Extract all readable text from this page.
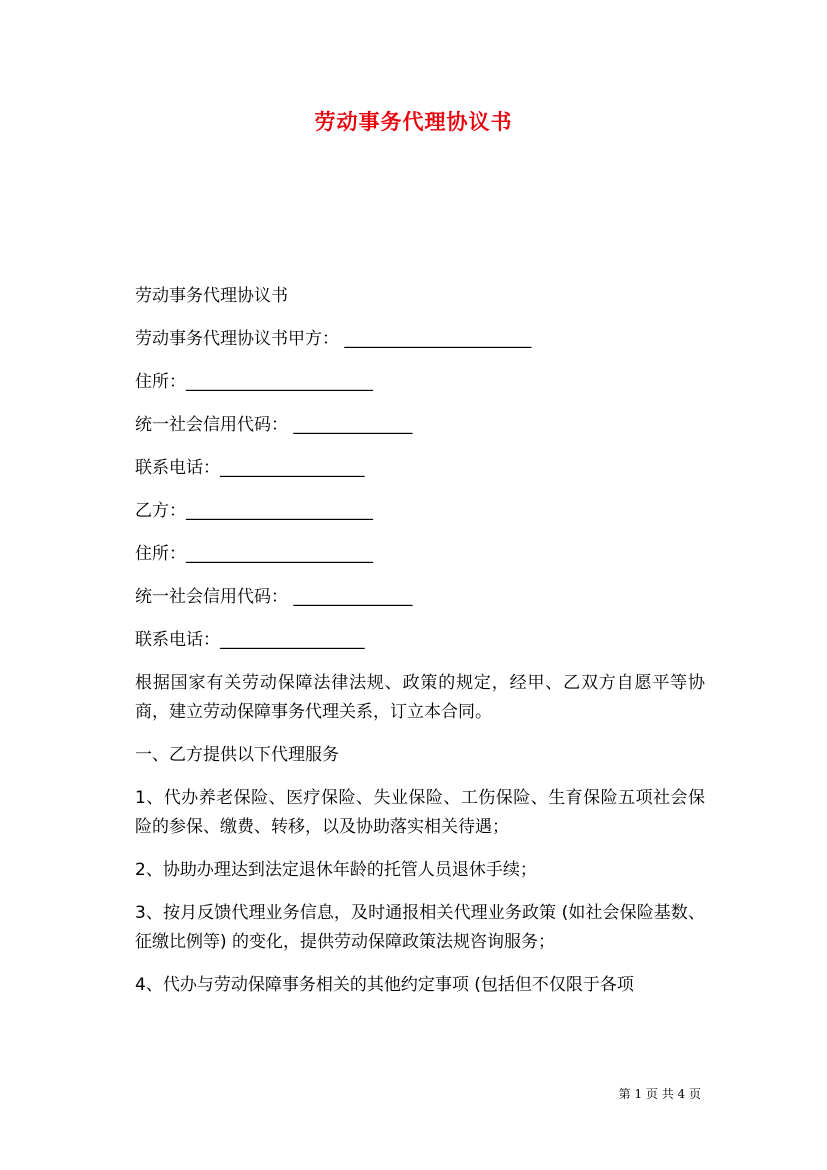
劳动事务代理协议书

劳动事务代理协议书

劳动事务代理协议书甲方： ______________________

住所：______________________

统一社会信用代码： ______________

联系电话：_________________

乙方：______________________

住所：______________________

统一社会信用代码： ______________

联系电话：_________________

根据国家有关劳动保障法律法规、政策的规定，经甲、乙双方自愿平等协商，建立劳动保障事务代理关系，订立本合同。

一、乙方提供以下代理服务

1、代办养老保险、医疗保险、失业保险、工伤保险、生育保险五项社会保险的参保、缴费、转移，以及协助落实相关待遇；

2、协助办理达到法定退休年龄的托管人员退休手续；

3、按月反馈代理业务信息，及时通报相关代理业务政策 (如社会保险基数、征缴比例等) 的变化，提供劳动保障政策法规咨询服务；

4、代办与劳动保障事务相关的其他约定事项 (包括但不仅限于各项

第 1 页 共 4 页
